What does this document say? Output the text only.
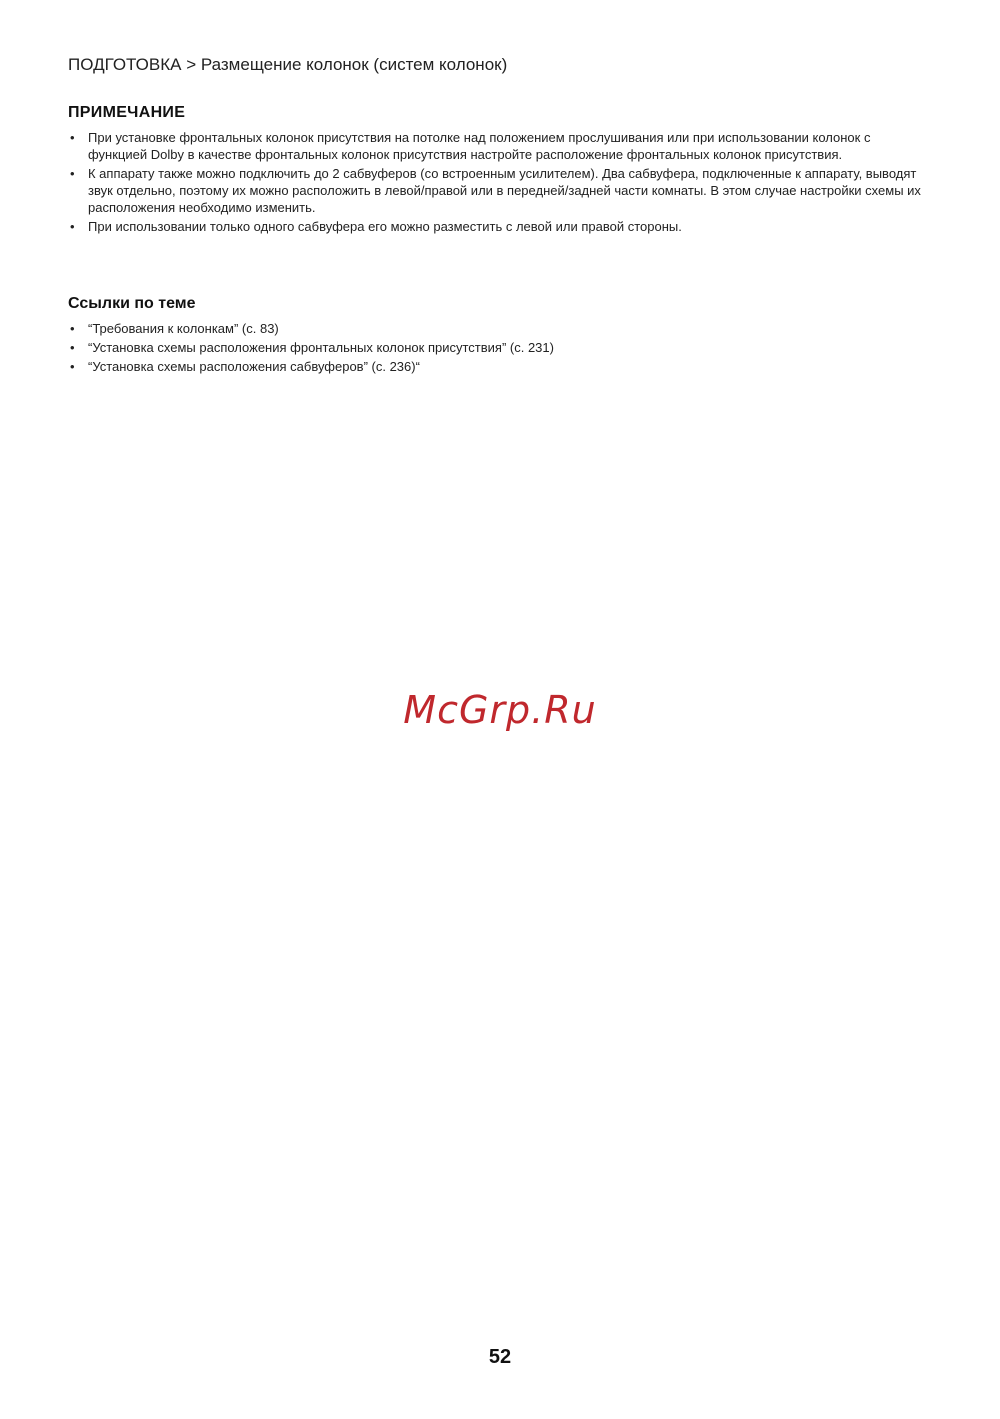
ПОДГОТОВКА > Размещение колонок (систем колонок)
ПРИМЕЧАНИЕ
• При установке фронтальных колонок присутствия на потолке над положением прослушивания или при использовании колонок с функцией Dolby в качестве фронтальных колонок присутствия настройте расположение фронтальных колонок присутствия.
• К аппарату также можно подключить до 2 сабвуферов (со встроенным усилителем). Два сабвуфера, подключенные к аппарату, выводят звук отдельно, поэтому их можно расположить в левой/правой или в передней/задней части комнаты. В этом случае настройки схемы их расположения необходимо изменить.
• При использовании только одного сабвуфера его можно разместить с левой или правой стороны.
Ссылки по теме
• “Требования к колонкам” (с. 83)
• “Установка схемы расположения фронтальных колонок присутствия” (с. 231)
• “Установка схемы расположения сабвуферов” (с. 236)“
McGrp.Ru
52
